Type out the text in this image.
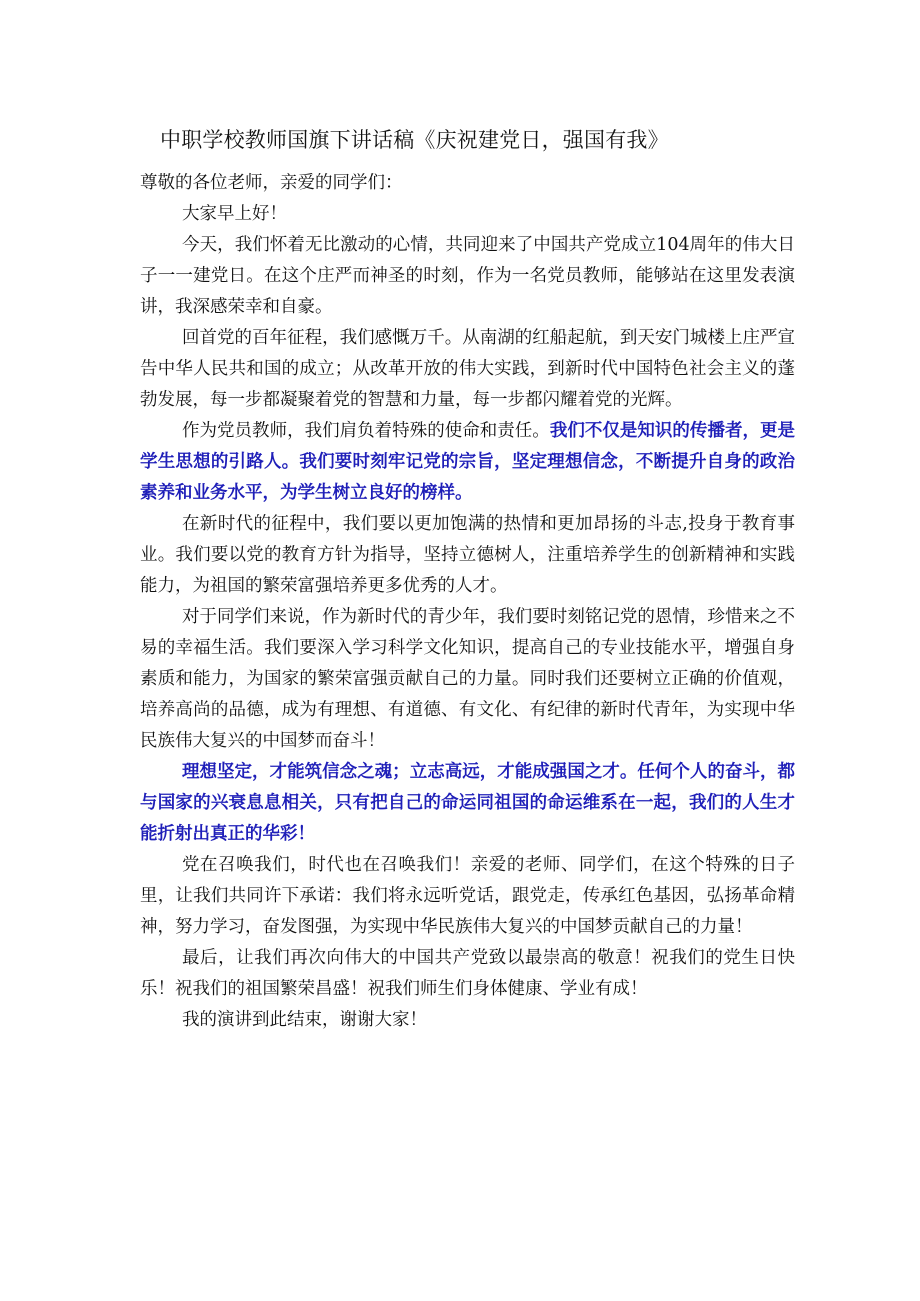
中职学校教师国旗下讲话稿《庆祝建党日，强国有我》

尊敬的各位老师，亲爱的同学们：

大家早上好！

今天，我们怀着无比激动的心情，共同迎来了中国共产党成立104周年的伟大日子一一建党日。在这个庄严而神圣的时刻，作为一名党员教师，能够站在这里发表演讲，我深感荣幸和自豪。

回首党的百年征程，我们感慨万千。从南湖的红船起航，到天安门城楼上庄严宣告中华人民共和国的成立；从改革开放的伟大实践，到新时代中国特色社会主义的蓬勃发展，每一步都凝聚着党的智慧和力量，每一步都闪耀着党的光辉。

作为党员教师，我们肩负着特殊的使命和责任。我们不仅是知识的传播者，更是学生思想的引路人。我们要时刻牢记党的宗旨，坚定理想信念，不断提升自身的政治素养和业务水平，为学生树立良好的榜样。

在新时代的征程中，我们要以更加饱满的热情和更加昂扬的斗志,投身于教育事业。我们要以党的教育方针为指导，坚持立德树人，注重培养学生的创新精神和实践能力，为祖国的繁荣富强培养更多优秀的人才。

对于同学们来说，作为新时代的青少年，我们要时刻铭记党的恩情，珍惜来之不易的幸福生活。我们要深入学习科学文化知识，提高自己的专业技能水平，增强自身素质和能力，为国家的繁荣富强贡献自己的力量。同时我们还要树立正确的价值观，培养高尚的品德，成为有理想、有道德、有文化、有纪律的新时代青年，为实现中华民族伟大复兴的中国梦而奋斗！

理想坚定，才能筑信念之魂；立志高远，才能成强国之才。任何个人的奋斗，都与国家的兴衰息息相关，只有把自己的命运同祖国的命运维系在一起，我们的人生才能折射出真正的华彩！

党在召唤我们，时代也在召唤我们！亲爱的老师、同学们，在这个特殊的日子里，让我们共同许下承诺：我们将永远听党话，跟党走，传承红色基因，弘扬革命精神，努力学习，奋发图强，为实现中华民族伟大复兴的中国梦贡献自己的力量！

最后，让我们再次向伟大的中国共产党致以最崇高的敬意！祝我们的党生日快乐！祝我们的祖国繁荣昌盛！祝我们师生们身体健康、学业有成！

我的演讲到此结束，谢谢大家！
